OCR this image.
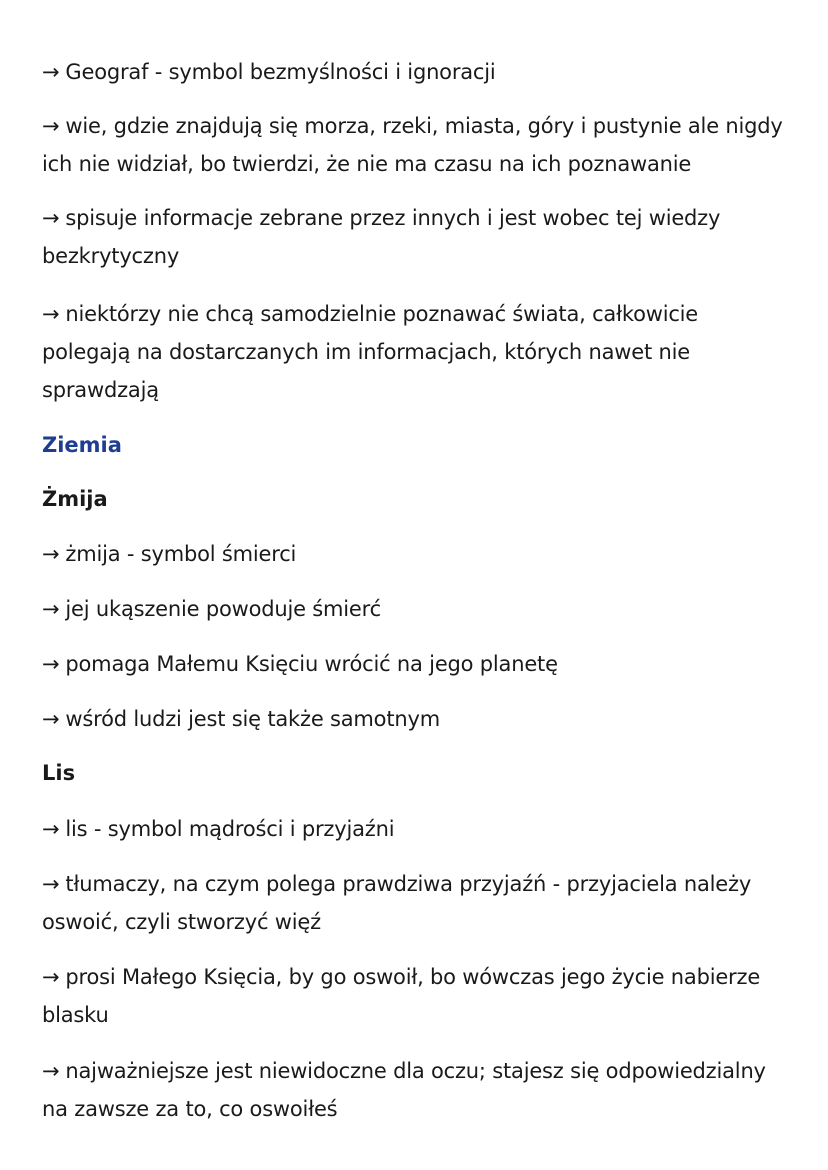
→ Geograf - symbol bezmyślności i ignoracji
→ wie, gdzie znajdują się morza, rzeki, miasta, góry i pustynie ale nigdy ich nie widział, bo twierdzi, że nie ma czasu na ich poznawanie
→ spisuje informacje zebrane przez innych i jest wobec tej wiedzy bezkrytyczny
→ niektórzy nie chcą samodzielnie poznawać świata, całkowicie polegają na dostarczanych im informacjach, których nawet nie sprawdzają
Ziemia
Żmija
→ żmija - symbol śmierci
→ jej ukąszenie powoduje śmierć
→ pomaga Małemu Księciu wrócić na jego planetę
→ wśród ludzi jest się także samotnym
Lis
→ lis - symbol mądrości i przyjaźni
→ tłumaczy, na czym polega prawdziwa przyjaźń - przyjaciela należy oswoić, czyli stworzyć więź
→ prosi Małego Księcia, by go oswoił, bo wówczas jego życie nabierze blasku
→ najważniejsze jest niewidoczne dla oczu; stajesz się odpowiedzialny na zawsze za to, co oswoiłeś
